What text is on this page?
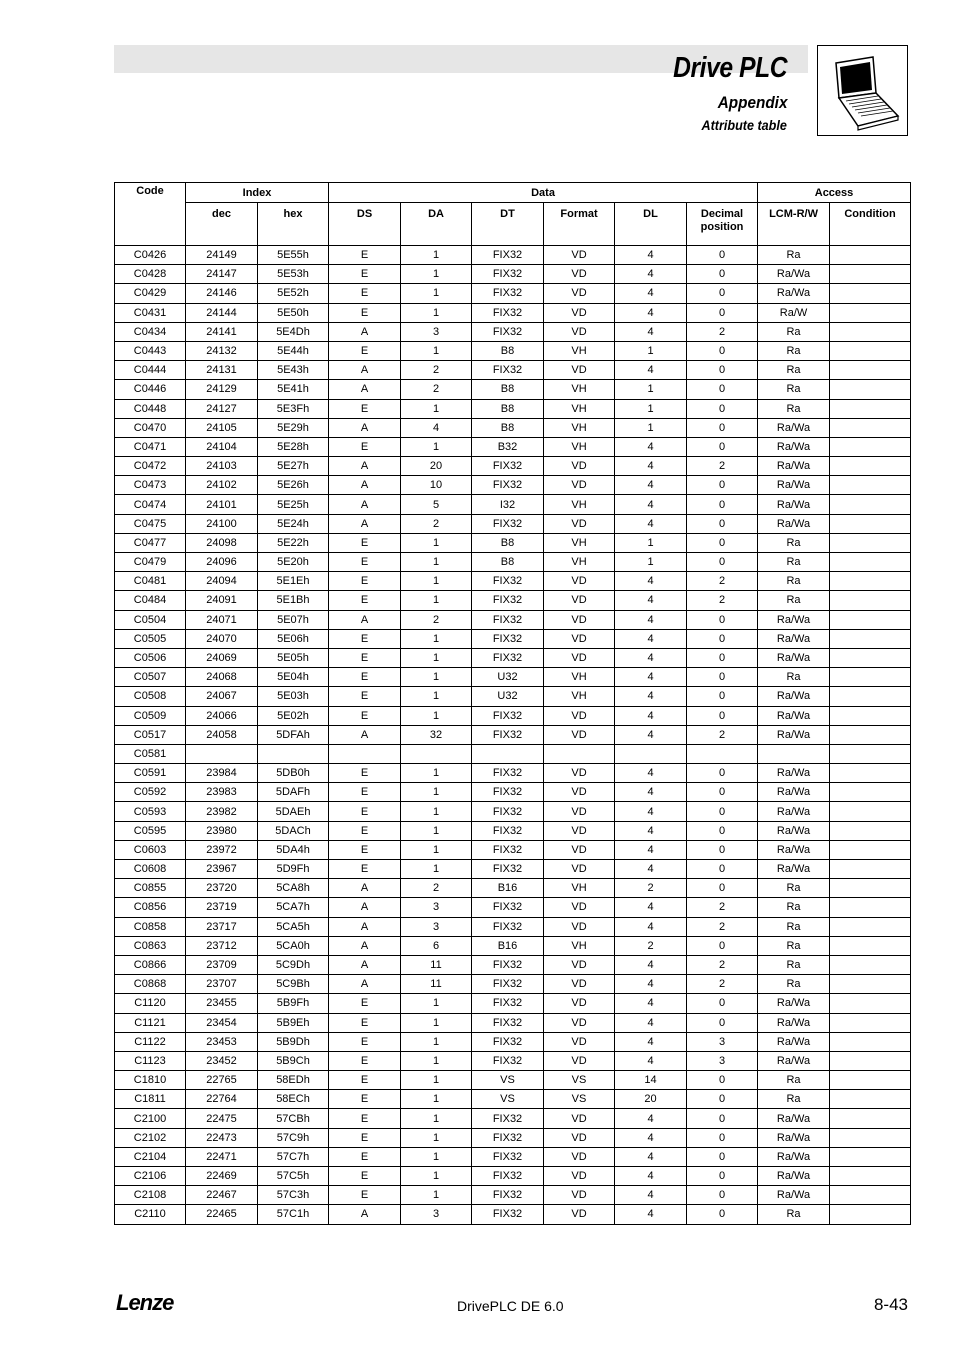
Drive PLC
Appendix
Attribute table
Code	Index		Data						Access	
	dec	hex	DS	DA	DT	Format	DL	Decimal position	LCM-R/W	Condition
C0426	24149	5E55h	E	1	FIX32	VD	4	0	Ra	
C0428	24147	5E53h	E	1	FIX32	VD	4	0	Ra/Wa	
C0429	24146	5E52h	E	1	FIX32	VD	4	0	Ra/Wa	
C0431	24144	5E50h	E	1	FIX32	VD	4	0	Ra/W	
C0434	24141	5E4Dh	A	3	FIX32	VD	4	2	Ra	
C0443	24132	5E44h	E	1	B8	VH	1	0	Ra	
C0444	24131	5E43h	A	2	FIX32	VD	4	0	Ra	
C0446	24129	5E41h	A	2	B8	VH	1	0	Ra	
C0448	24127	5E3Fh	E	1	B8	VH	1	0	Ra	
C0470	24105	5E29h	A	4	B8	VH	1	0	Ra/Wa	
C0471	24104	5E28h	E	1	B32	VH	4	0	Ra/Wa	
C0472	24103	5E27h	A	20	FIX32	VD	4	2	Ra/Wa	
C0473	24102	5E26h	A	10	FIX32	VD	4	0	Ra/Wa	
C0474	24101	5E25h	A	5	I32	VH	4	0	Ra/Wa	
C0475	24100	5E24h	A	2	FIX32	VD	4	0	Ra/Wa	
C0477	24098	5E22h	E	1	B8	VH	1	0	Ra	
C0479	24096	5E20h	E	1	B8	VH	1	0	Ra	
C0481	24094	5E1Eh	E	1	FIX32	VD	4	2	Ra	
C0484	24091	5E1Bh	E	1	FIX32	VD	4	2	Ra	
C0504	24071	5E07h	A	2	FIX32	VD	4	0	Ra/Wa	
C0505	24070	5E06h	E	1	FIX32	VD	4	0	Ra/Wa	
C0506	24069	5E05h	E	1	FIX32	VD	4	0	Ra/Wa	
C0507	24068	5E04h	E	1	U32	VH	4	0	Ra	
C0508	24067	5E03h	E	1	U32	VH	4	0	Ra/Wa	
C0509	24066	5E02h	E	1	FIX32	VD	4	0	Ra/Wa	
C0517	24058	5DFAh	A	32	FIX32	VD	4	2	Ra/Wa	
C0581										
C0591	23984	5DB0h	E	1	FIX32	VD	4	0	Ra/Wa	
C0592	23983	5DAFh	E	1	FIX32	VD	4	0	Ra/Wa	
C0593	23982	5DAEh	E	1	FIX32	VD	4	0	Ra/Wa	
C0595	23980	5DACh	E	1	FIX32	VD	4	0	Ra/Wa	
C0603	23972	5DA4h	E	1	FIX32	VD	4	0	Ra/Wa	
C0608	23967	5D9Fh	E	1	FIX32	VD	4	0	Ra/Wa	
C0855	23720	5CA8h	A	2	B16	VH	2	0	Ra	
C0856	23719	5CA7h	A	3	FIX32	VD	4	2	Ra	
C0858	23717	5CA5h	A	3	FIX32	VD	4	2	Ra	
C0863	23712	5CA0h	A	6	B16	VH	2	0	Ra	
C0866	23709	5C9Dh	A	11	FIX32	VD	4	2	Ra	
C0868	23707	5C9Bh	A	11	FIX32	VD	4	2	Ra	
C1120	23455	5B9Fh	E	1	FIX32	VD	4	0	Ra/Wa	
C1121	23454	5B9Eh	E	1	FIX32	VD	4	0	Ra/Wa	
C1122	23453	5B9Dh	E	1	FIX32	VD	4	3	Ra/Wa	
C1123	23452	5B9Ch	E	1	FIX32	VD	4	3	Ra/Wa	
C1810	22765	58EDh	E	1	VS	VS	14	0	Ra	
C1811	22764	58ECh	E	1	VS	VS	20	0	Ra	
C2100	22475	57CBh	E	1	FIX32	VD	4	0	Ra/Wa	
C2102	22473	57C9h	E	1	FIX32	VD	4	0	Ra/Wa	
C2104	22471	57C7h	E	1	FIX32	VD	4	0	Ra/Wa	
C2106	22469	57C5h	E	1	FIX32	VD	4	0	Ra/Wa	
C2108	22467	57C3h	E	1	FIX32	VD	4	0	Ra/Wa	
C2110	22465	57C1h	A	3	FIX32	VD	4	0	Ra	
Lenze	DrivePLC DE 6.0	8-43
